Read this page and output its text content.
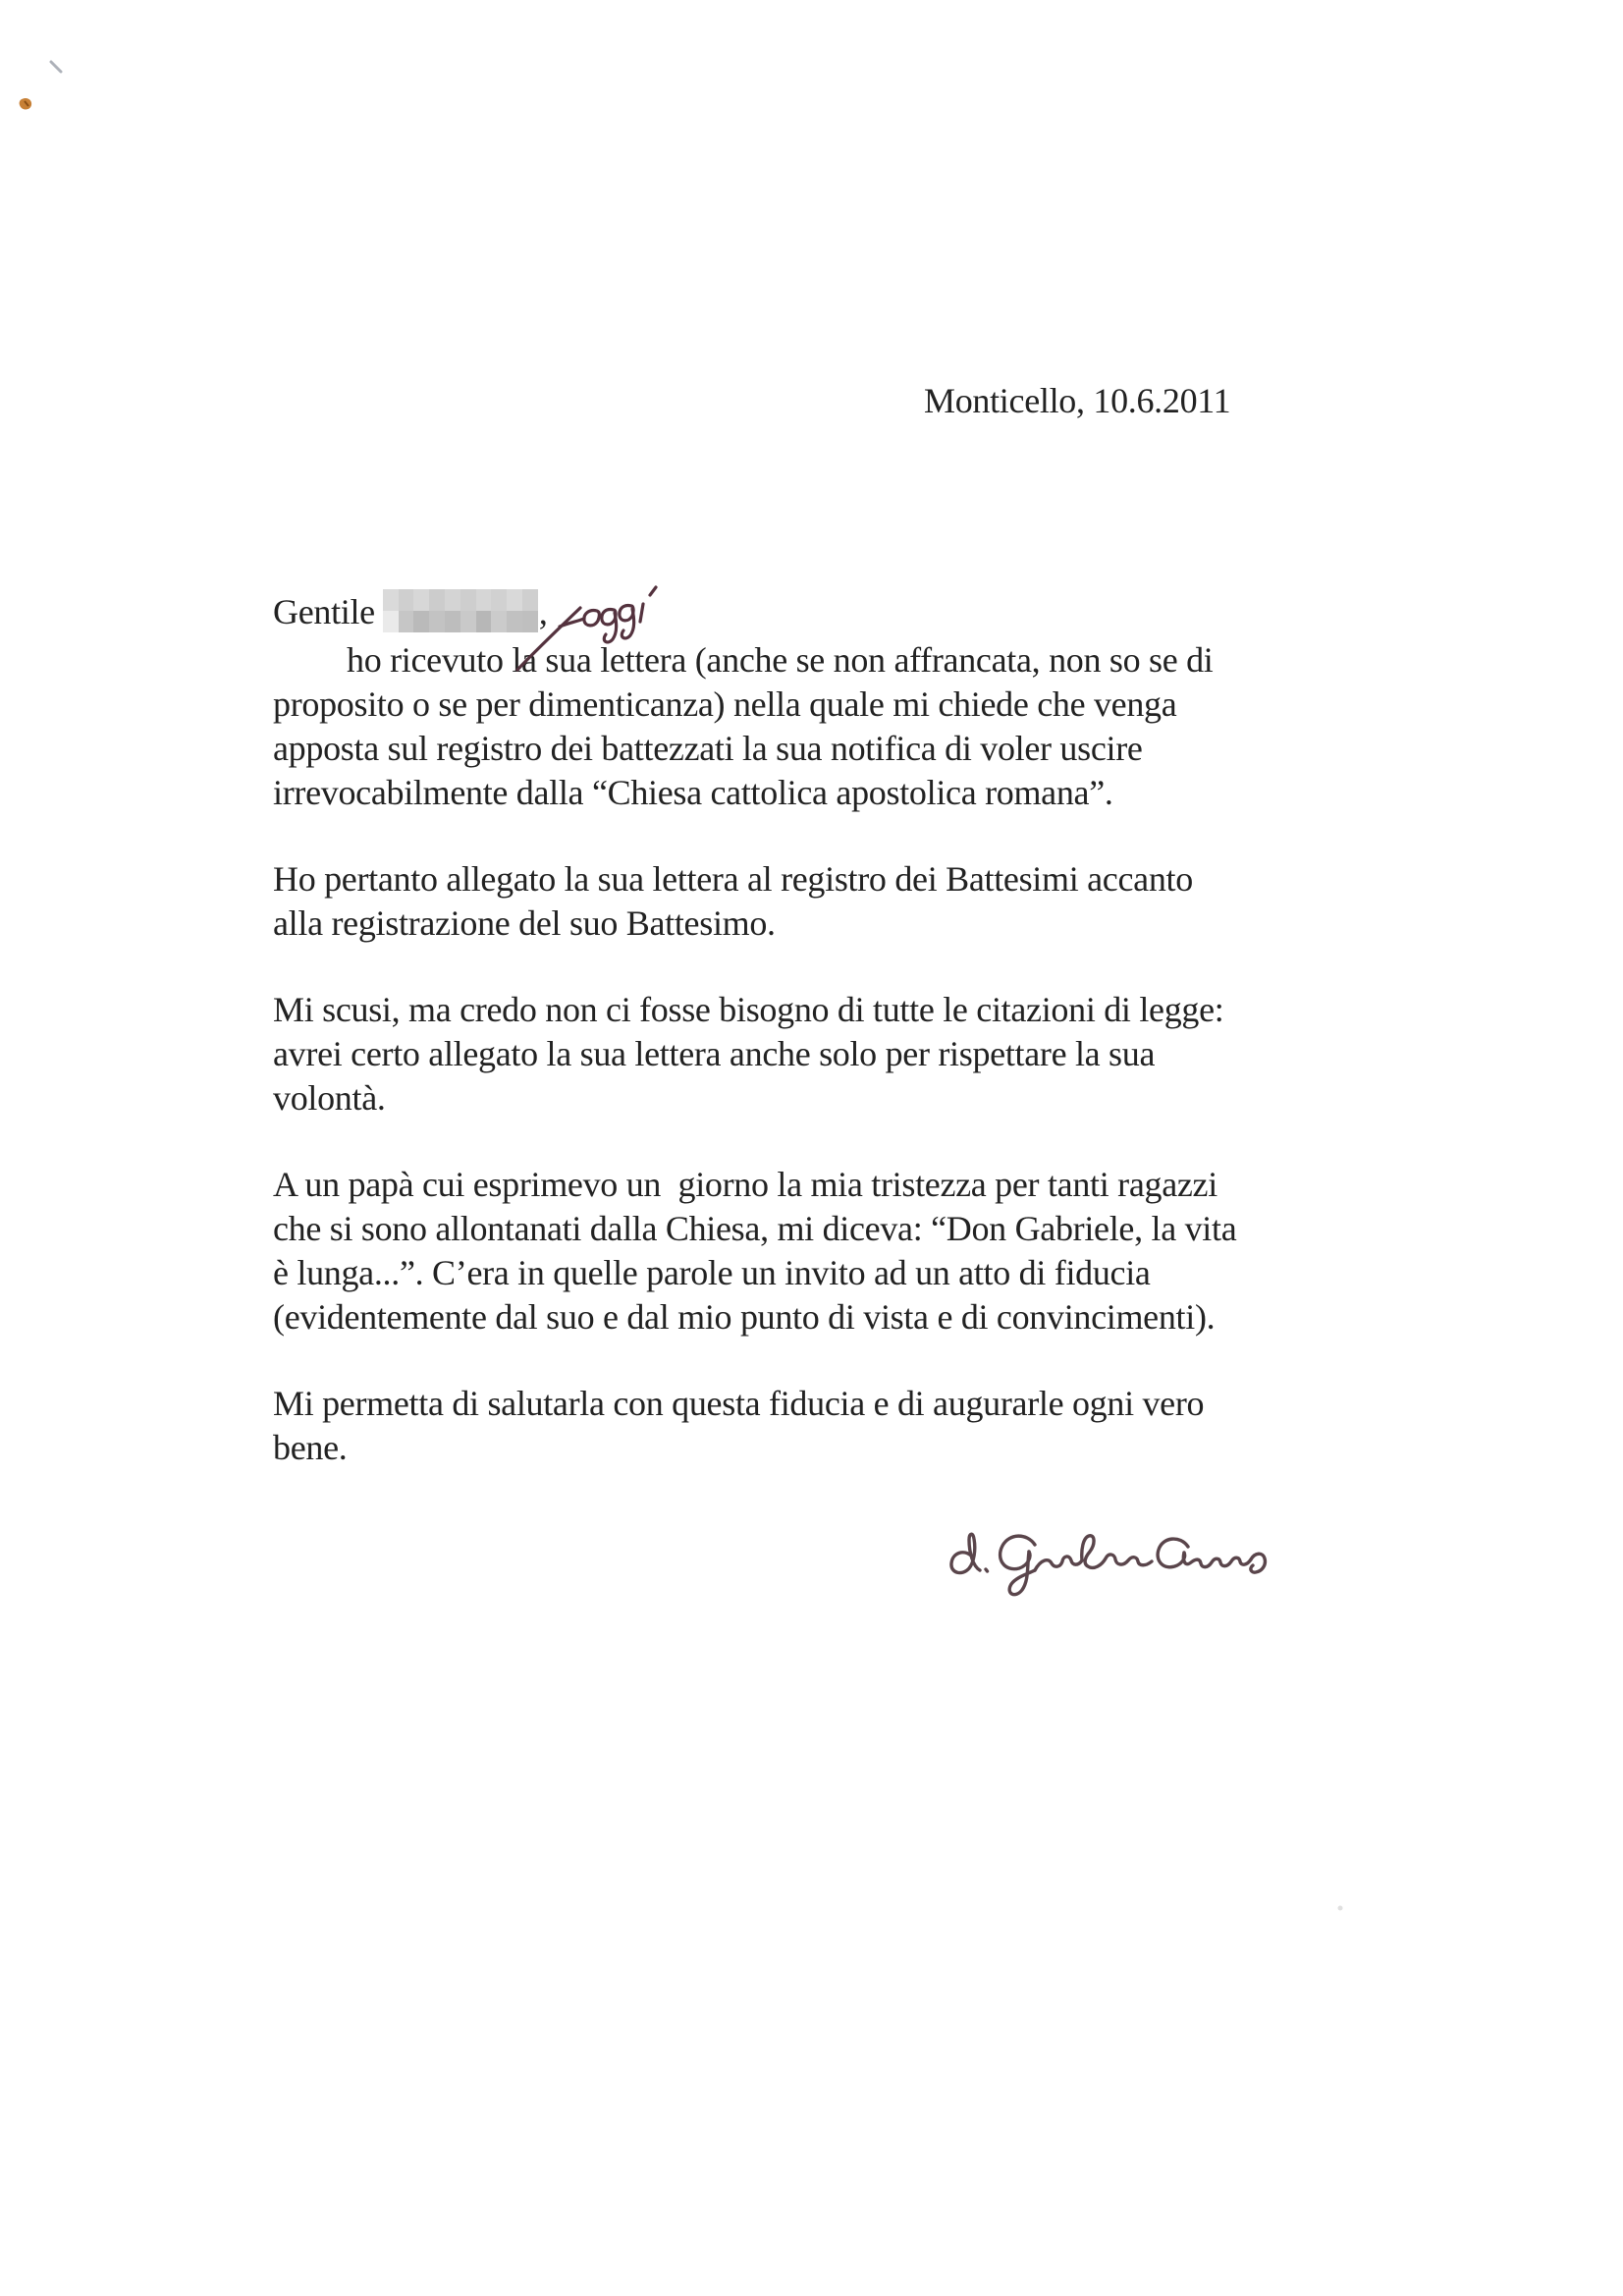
Monticello, 10.6.2011
Gentile	,
ho ricevuto la sua lettera (anche se non affrancata, non so se di
proposito o se per dimenticanza) nella quale mi chiede che venga
apposta sul registro dei battezzati la sua notifica di voler uscire
irrevocabilmente dalla “Chiesa cattolica apostolica romana”.
Ho pertanto allegato la sua lettera al registro dei Battesimi accanto
alla registrazione del suo Battesimo.
Mi scusi, ma credo non ci fosse bisogno di tutte le citazioni di legge:
avrei certo allegato la sua lettera anche solo per rispettare la sua
volontà.
A un papà cui esprimevo un  giorno la mia tristezza per tanti ragazzi
che si sono allontanati dalla Chiesa, mi diceva: “Don Gabriele, la vita
è lunga...”. C’era in quelle parole un invito ad un atto di fiducia
(evidentemente dal suo e dal mio punto di vista e di convincimenti).
Mi permetta di salutarla con questa fiducia e di augurarle ogni vero
bene.
